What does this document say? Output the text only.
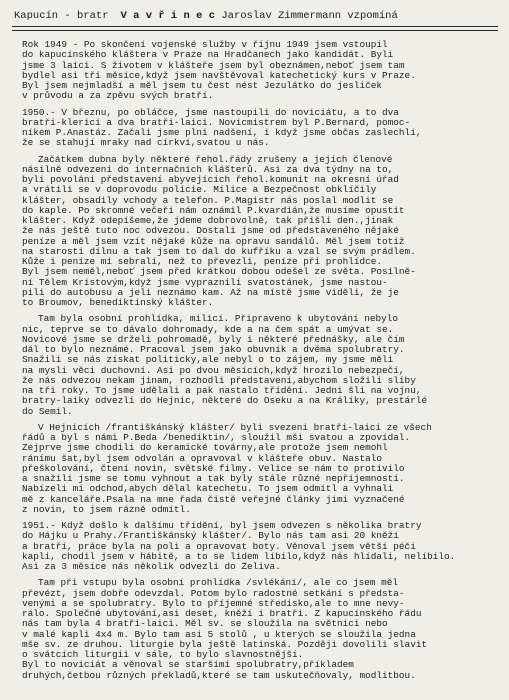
Kapucín - bratr V a v ř i n e c Jaroslav Zimmermann vzpomíná
Rok 1949 - Po skončení vojenské služby v říjnu 1949 jsem vstoupil
do kapucínského kláštera v Praze na Hradčanech jako kandidát. Byli
jsme 3 laici. S životem v klášteře jsem byl obeznámen,neboť jsem tam
bydlel asi tři měsíce,když jsem navštěvoval katechetický kurs v Praze.
Byl jsem nejmladší a měl jsem tu čest nést Jezulátko do jesliček
v průvodu a za zpěvu svých bratří.
1950.- V březnu, po obláčce, jsme nastoupili do noviciátu, a to dva
bratři-klerici a dva bratři-laici. Novicmistrem byl P.Bernard, pomoc-
níkem P.Anastáz. Začali jsme plni nadšení, i když jsme občas zaslechli,
že se stahují mraky nad církví,svatou u nás.
Začátkem dubna byly některé řehol.řády zrušeny a jejich členové
násilně odvezeni do internačních klášterů. Asi za dva týdny na to,
byli povoláni představení abyvejících řehol.komunit na okresní úřad
a vrátili se v doprovodu policie. Milice a Bezpečnost obklíčily
klášter, obsadily vchody a telefon. P.Magistr nás poslal modlit se
do kaple. Po skromné večeři nám oznámil P.kvardián,že musíme opustit
klášter. Když odepíšeme,že jdeme dobrovolně, tak přišli den.,jinak
že nás ještě tuto noc odvezou. Dostali jsme od představeného nějaké
peníze a měl jsem vzít nějaké kůže na opravu sandálů. Měl jsem totiž
na starosti dílnu a tak jsem to dal do kufříku a vzal se svým prádlem.
Kůže i peníze mi sebrali, než to převezli, peníze při prohlídce.
Byl jsem neměl,neboť jsem před krátkou dobou odešel ze světa. Posilně-
ní Tělem Kristovým,když jsme vypraznili svatostánek, jsme nastou-
pili do autobusu a jeli neznámo kam. Až na místě jsme viděli, že je
to Broumov, benediktinský klášter.
Tam byla osobní prohlídka, milicí. Připraveno k ubytování nebylo
nic, teprve se to dávalo dohromady, kde a na čem spát a umývat se.
Novicové jsme se drželi pohromadě, byly i některé přednášky, ale čím
dál to bylo neznámé. Pracoval jsem jako obuvník a dvěma spolubratry.
Snažili se nás získat politicky,ale nebyl o to zájem, my jsme měli
na mysli věci duchovní. Asi po dvou měsících,když hrozilo nebezpečí,
že nás odvezou nekam jinam, rozhodli představení,abychom složili sliby
na tři roky. To jsme udělali a pak nastalo třídění. Jedni šli na vojnu,
bratry-laiky odvezli do Hejnic, některé do Oseku a na Králíky, prestárlé
do Semil.
V Hejnicích /františkánský klášter/ byli svezeni bratři-laici ze všech
řádů a byl s námi P.Beda /benediktin/, sloužil mši svatou a zpovídal.
Zejprve jsme chodili do keramické továrny,ale protože jsem nemohl
ránímu šat,byl jsem odvolán a opravoval v klášteře obuv. Nastalo
přeškolování, čtení novin, světské filmy. Velice se nám to protivilo
a snažili jsme se tomu vyhnout a tak byly stále různé nepříjemnosti.
Nabízeli mi odchod,abych dělal katechetu. To jsem odmítl a vyhnali
mě z kanceláře.Psala na mne řada čistě veřejné články jimi vyznačené
z novin, to jsem rázně odmítl.
1951.- Když došlo k dalšímu třídění, byl jsem odvezen s několika bratry
do Hájku u Prahy./Františkánský klášter/. Bylo nás tam asi 20 kněží
a bratří, práce byla na poli a opravovat boty. Věnoval jsem větší péči
kapli, chodil jsem v hábitě, a to se lidem líbilo,když nás hlídali, nelíbilo.
Asi za 3 měsíce nás několik odvezli do Želiva.
Tam při vstupu byla osobní prohlídka /svlékání/, ale co jsem měl
převézt, jsem dobře odevzdal. Potom bylo radostné setkání s předsta-
venými a se spolubratry. Bylo to příjemné středisko,ale to mne nevy-
rálo. Společné ubytování,asi deset, kněží i bratři. Z kapucínského řádu
nás tam byla 4 bratři-laici. Měl sv. se sloužila na světnici nebo
v malé kapli 4x4 m. Bylo tam asi 5 stolů , u kterých se sloužila jedna
mše sv. ze druhou. liturgie byla ještě latinská. Později dovolili slavit
o svátcích liturgii v sále, to bylo slavnostnější.
Byl to noviciát a věnoval se staršími spolubratry,příkladem
druhých,četbou různých překladů,které se tam uskutečňovaly, modlitbou.
